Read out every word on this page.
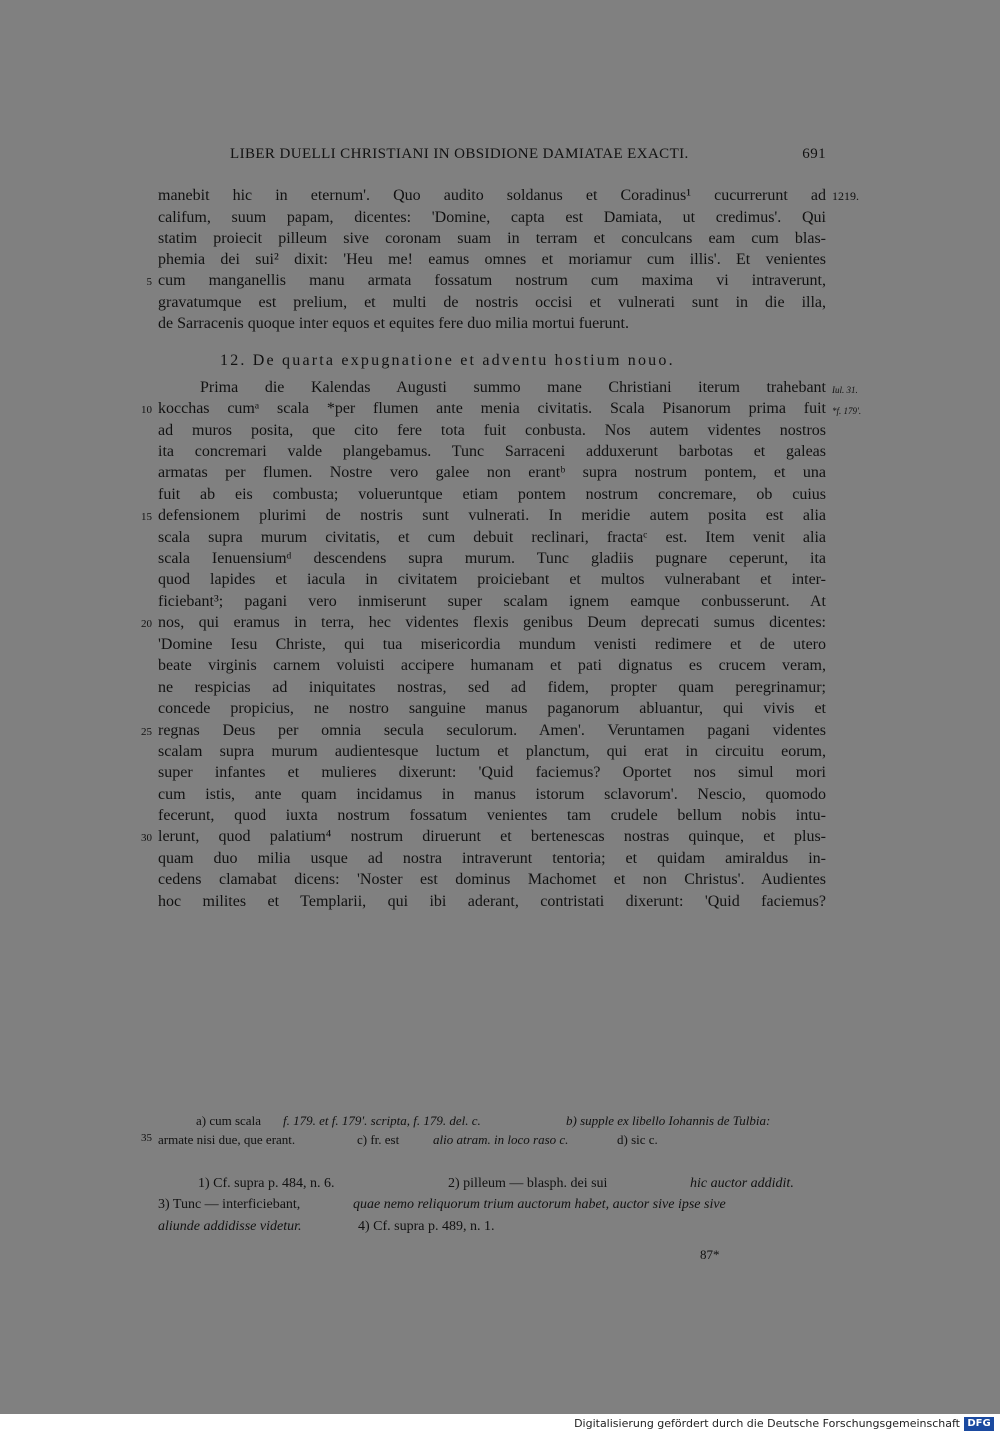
LIBER DUELLI CHRISTIANI IN OBSIDIONE DAMIATAE EXACTI.	691
manebit hic in eternum'. Quo audito soldanus et Coradinus¹ cucurrerunt ad
califum, suum papam, dicentes: 'Domine, capta est Damiata, ut credimus'. Qui
statim proiecit pilleum sive coronam suam in terram et conculcans eam cum blas-
phemia dei sui² dixit: 'Heu me! eamus omnes et moriamur cum illis'. Et venientes
cum manganellis manu armata fossatum nostrum cum maxima vi intraverunt,
gravatumque est prelium, et multi de nostris occisi et vulnerati sunt in die illa,
de Sarracenis quoque inter equos et equites fere duo milia mortui fuerunt.
12. De quarta expugnatione et adventu hostium nouo.
Prima die Kalendas Augusti summo mane Christiani iterum trahebant
kocchas cumᵃ scala *per flumen ante menia civitatis. Scala Pisanorum prima fuit
ad muros posita, que cito fere tota fuit conbusta. Nos autem videntes nostros
ita concremari valde plangebamus. Tunc Sarraceni adduxerunt barbotas et galeas
armatas per flumen. Nostre vero galee non erantᵇ supra nostrum pontem, et una
fuit ab eis combusta; volueruntque etiam pontem nostrum concremare, ob cuius
defensionem plurimi de nostris sunt vulnerati. In meridie autem posita est alia
scala supra murum civitatis, et cum debuit reclinari, fractaᶜ est. Item venit alia
scala Ienuensiumᵈ descendens supra murum. Tunc gladiis pugnare ceperunt, ita
quod lapides et iacula in civitatem proiciebant et multos vulnerabant et inter-
ficiebant³; pagani vero inmiserunt super scalam ignem eamque conbusserunt. At
nos, qui eramus in terra, hec videntes flexis genibus Deum deprecati sumus dicentes:
'Domine Iesu Christe, qui tua misericordia mundum venisti redimere et de utero
beate virginis carnem voluisti accipere humanam et pati dignatus es crucem veram,
ne respicias ad iniquitates nostras, sed ad fidem, propter quam peregrinamur;
concede propicius, ne nostro sanguine manus paganorum abluantur, qui vivis et
regnas Deus per omnia secula seculorum. Amen'. Veruntamen pagani videntes
scalam supra murum audientesque luctum et planctum, qui erat in circuitu eorum,
super infantes et mulieres dixerunt: 'Quid faciemus? Oportet nos simul mori
cum istis, ante quam incidamus in manus istorum sclavorum'. Nescio, quomodo
fecerunt, quod iuxta nostrum fossatum venientes tam crudele bellum nobis intu-
lerunt, quod palatium⁴ nostrum diruerunt et bertenescas nostras quinque, et plus-
quam duo milia usque ad nostra intraverunt tentoria; et quidam amiraldus in-
cedens clamabat dicens: 'Noster est dominus Machomet et non Christus'. Audientes
hoc milites et Templarii, qui ibi aderant, contristati dixerunt: 'Quid faciemus?
5
10
15
20
25
30
35
1219.
Iul. 31.
*f. 179'.
a) cum scala f. 179. et f. 179'. scripta, f. 179. del. c.	b) supple ex libello Iohannis de Tulbia:
armate nisi due, que erant.	c) fr. est	alio atram. in loco raso c.	d) sic c.
1) Cf. supra p. 484, n. 6.	2) pilleum — blasph. dei sui	hic auctor addidit.
3) Tunc — interficiebant,	quae nemo reliquorum trium auctorum habet, auctor sive ipse sive
aliunde addidisse videtur.	4) Cf. supra p. 489, n. 1.
87*
Digitalisierung gefördert durch die Deutsche Forschungsgemeinschaft DFG
